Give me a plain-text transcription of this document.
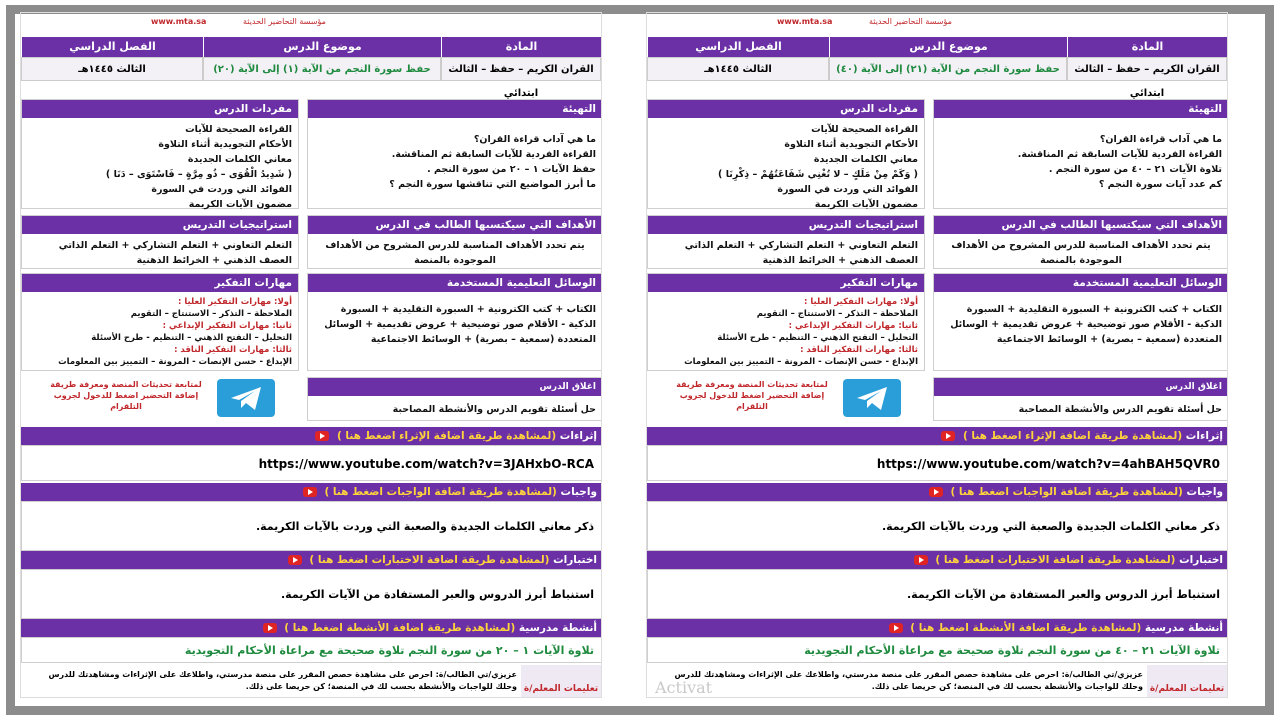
مؤسسة التحاضير الحديثة
www.mta.sa
المادة
موضوع الدرس
الفصل الدراسي
القران الكريم – حفظ – الثالث ابتدائي
حفظ سورة النجم من الآية (١) إلى الآية (٢٠)
الثالث ١٤٤٥هـ
التهيئة
ما هي آداب قراءة القران؟
القراءة الفردية للآيات السابقة ثم المناقشة.
حفظ الآيات ١ – ٢٠ من سورة النجم .
ما أبرز المواضيع التي تناقشها سورة النجم ؟
مفردات الدرس
القراءة الصحيحة للآيات
الأحكام التجويدية أثناء التلاوة
معاني الكلمات الجديدة
( شَدِيدُ الْقُوَى – ذُو مِرَّةٍ – فَاسْتَوَى – دَنَا )
الفوائد التي وردت في السورة
مضمون الآيات الكريمة
الأهداف التي سيكتسبها الطالب في الدرس
يتم تحدد الأهداف المناسبة للدرس المشروح من الأهداف الموجودة بالمنصة
استراتيجيات التدريس
التعلم التعاوني + التعلم التشاركي + التعلم الذاتي العصف الذهني + الخرائط الذهنية
الوسائل التعليمية المستخدمة
الكتاب + كتب الكترونية + السبورة التقليدية + السبورة الذكية - الأقلام صور توضيحية + عروض تقديمية + الوسائل المتعددة (سمعية – بصرية) + الوسائط الاجتماعية
مهارات التفكير
أولا: مهارات التفكير العليا :
الملاحظة – التذكر – الاستنتاج – التقويم
ثانيا: مهارات التفكير الإبداعي :
التحليل – التفتح الذهني – التنظيم - طرح الأسئلة
ثالثا: مهارات التفكير الناقد :
الإبداع - حسن الإنصات - المرونة – التمييز بين المعلومات
لمتابعة تحديثات المنصة ومعرفة طريقة إضافة التحضير اضغط للدخول لجروب التلقرام
اغلاق الدرس
حل أسئلة تقويم الدرس والأنشطة المصاحبة
إثراءات (لمشاهدة طريقة اضافة الإثراء اضغط هنا )
https://www.youtube.com/watch?v=3JAHxbO-RCA
واجبات (لمشاهدة طريقة اضافة الواجبات اضغط هنا )
ذكر معاني الكلمات الجديدة والصعبة التي وردت بالآيات الكريمة.
اختبارات (لمشاهدة طريقة اضافة الاختبارات اضغط هنا )
استنباط أبرز الدروس والعبر المستفادة من الآيات الكريمة.
أنشطة مدرسية (لمشاهدة طريقة اضافة الأنشطة اضغط هنا )
تلاوة الآيات ١ – ٢٠ من سورة النجم تلاوة صحيحة مع مراعاة الأحكام التجويدية
تعليمات المعلم/ة
عزيزي/تي الطالب/ة: احرص على مشاهدة حصص المقرر على منصة مدرستي، واطلاعك على الإثراءات ومشاهدتك للدرس وحلك للواجبات والأنشطة بحسب لك في المنصة؛ كن حريصا على ذلك.
مؤسسة التحاضير الحديثة
www.mta.sa
المادة
موضوع الدرس
الفصل الدراسي
القران الكريم – حفظ – الثالث ابتدائي
حفظ سورة النجم من الآية (٢١) إلى الآية (٤٠)
الثالث ١٤٤٥هـ
التهيئة
ما هي آداب قراءة القران؟
القراءة الفردية للآيات السابقة ثم المناقشة.
تلاوة الآيات ٢١ – ٤٠ من سورة النجم .
كم عدد آيات سورة النجم ؟
مفردات الدرس
القراءة الصحيحة للآيات
الأحكام التجويدية أثناء التلاوة
معاني الكلمات الجديدة
( وَكَمْ مِنْ مَلَكٍ – لا تُغْنِي شَفَاعَتُهُمْ – ذِكْرِنَا )
الفوائد التي وردت في السورة
مضمون الآيات الكريمة
الأهداف التي سيكتسبها الطالب في الدرس
يتم تحدد الأهداف المناسبة للدرس المشروح من الأهداف الموجودة بالمنصة
استراتيجيات التدريس
التعلم التعاوني + التعلم التشاركي + التعلم الذاتي العصف الذهني + الخرائط الذهنية
الوسائل التعليمية المستخدمة
الكتاب + كتب الكترونية + السبورة التقليدية + السبورة الذكية - الأقلام صور توضيحية + عروض تقديمية + الوسائل المتعددة (سمعية – بصرية) + الوسائط الاجتماعية
مهارات التفكير
أولا: مهارات التفكير العليا :
الملاحظة – التذكر – الاستنتاج – التقويم
ثانيا: مهارات التفكير الإبداعي :
التحليل – التفتح الذهني – التنظيم - طرح الأسئلة
ثالثا: مهارات التفكير الناقد :
الإبداع - حسن الإنصات - المرونة – التمييز بين المعلومات
لمتابعة تحديثات المنصة ومعرفة طريقة إضافة التحضير اضغط للدخول لجروب التلقرام
اغلاق الدرس
حل أسئلة تقويم الدرس والأنشطة المصاحبة
إثراءات (لمشاهدة طريقة اضافة الإثراء اضغط هنا )
https://www.youtube.com/watch?v=4ahBAH5QVR0
واجبات (لمشاهدة طريقة اضافة الواجبات اضغط هنا )
ذكر معاني الكلمات الجديدة والصعبة التي وردت بالآيات الكريمة.
اختبارات (لمشاهدة طريقة اضافة الاختبارات اضغط هنا )
استنباط أبرز الدروس والعبر المستفادة من الآيات الكريمة.
أنشطة مدرسية (لمشاهدة طريقة اضافة الأنشطة اضغط هنا )
تلاوة الآيات ٢١ – ٤٠ من سورة النجم تلاوة صحيحة مع مراعاة الأحكام التجويدية
تعليمات المعلم/ة
عزيزي/تي الطالب/ة: احرص على مشاهدة حصص المقرر على منصة مدرستي، واطلاعك على الإثراءات ومشاهدتك للدرس وحلك للواجبات والأنشطة بحسب لك في المنصة؛ كن حريصا على ذلك.
Activat
